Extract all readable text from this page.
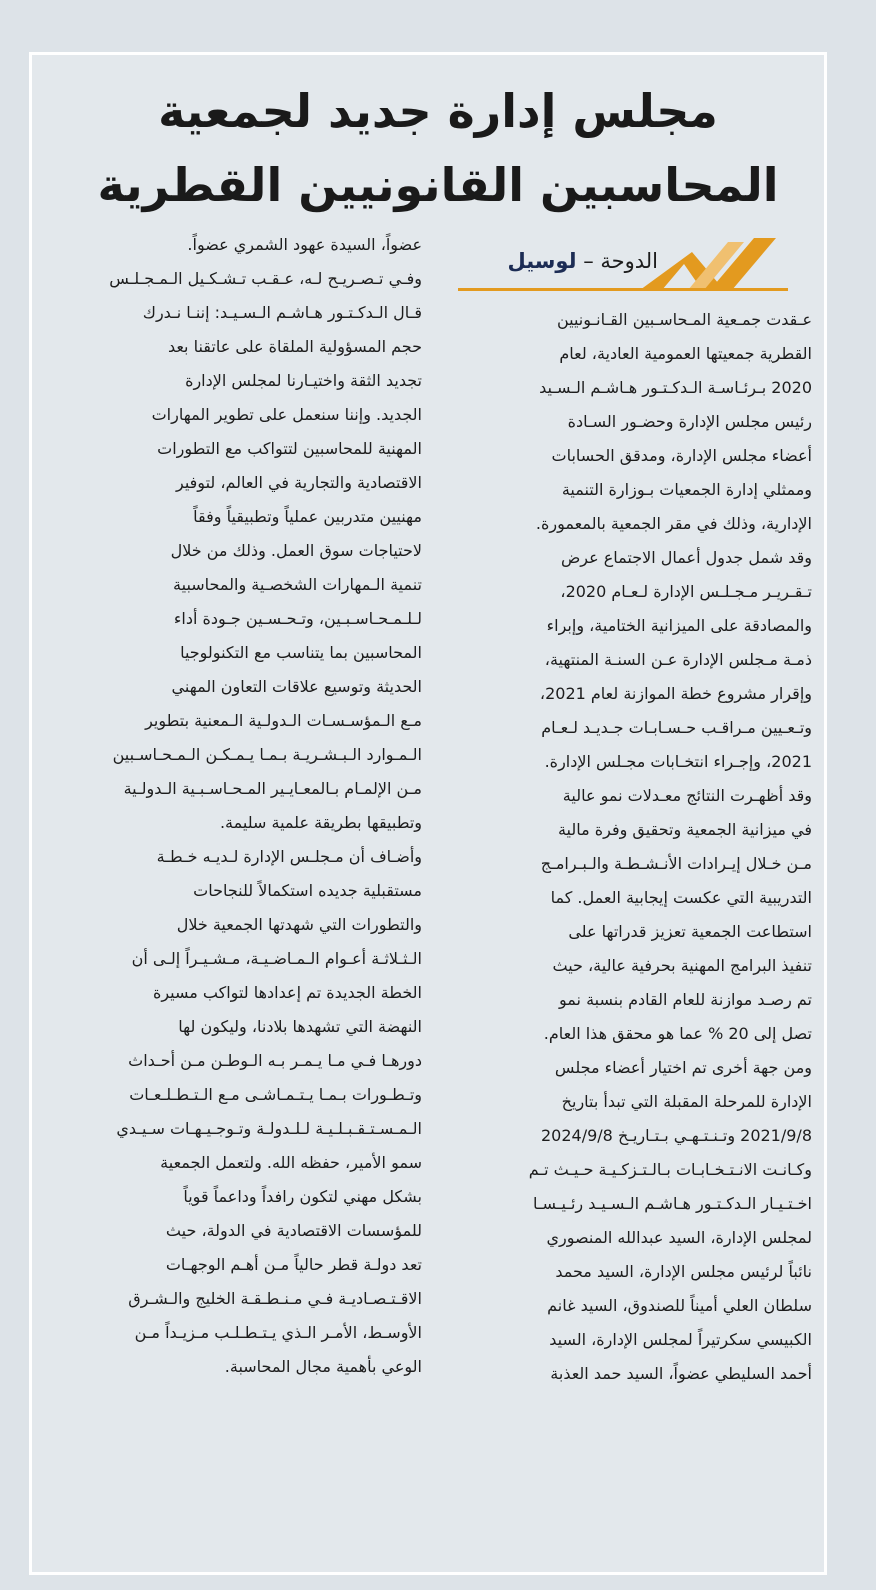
مجلس إدارة جديد لجمعية
المحاسبين القانونيين القطرية
الدوحة – لوسيل
عـقدت جمـعية المـحاسـبين القـانـونيين
القطرية جمعيتها العمومية العادية، لعام
2020 بـرئـاسـة الـدكـتـور هـاشـم الـسـيد
رئيس مجلس الإدارة وحضـور السـادة
أعضاء مجلس الإدارة، ومدقق الحسابات
وممثلي إدارة الجمعيات بـوزارة التنمية
الإدارية، وذلك في مقر الجمعية بالمعمورة.
وقد شمل جدول أعمال الاجتماع عرض
تـقـريـر مـجـلـس الإدارة لـعـام 2020،
والمصادقة على الميزانية الختامية، وإبراء
ذمـة مـجلس الإدارة عـن السنـة المنتهية،
وإقرار مشروع خطة الموازنة لعام 2021،
وتـعـيين مـراقـب حـسـابـات جـديـد لـعـام
2021، وإجـراء انتخـابات مجـلس الإدارة.
وقد أظهـرت النتائج معـدلات نمو عالية
في ميزانية الجمعية وتحقيق وفرة مالية
مـن خـلال إيـرادات الأنـشـطـة والـبـرامـج
التدريبية التي عكست إيجابية العمل. كما
استطاعت الجمعية تعزيز قدراتها على
تنفيذ البرامج المهنية بحرفية عالية، حيث
تم رصـد موازنة للعام القادم بنسبة نمو
تصل إلى 20 % عما هو محقق هذا العام.
ومن جهة أخرى تم اختيار أعضاء مجلس
الإدارة للمرحلة المقبلة التي تبدأ بتاريخ
2021/9/8 وتـنـتـهـي بـتـاريـخ 2024/9/8
وكـانـت الانـتـخـابـات بـالـتـزكـيـة حـيـث تـم
اخـتـيـار الـدكـتـور هـاشـم الـسـيـد رئـيـسـا
لمجلس الإدارة، السيد عبدالله المنصوري
نائباً لرئيس مجلس الإدارة، السيد محمد
سلطان العلي أميناً للصندوق، السيد غانم
الكبيسي سكرتيراً لمجلس الإدارة، السيد
أحمد السليطي عضواً، السيد حمد العذبة
عضواً، السيدة عهود الشمري عضواً.
وفـي تـصـريـح لـه، عـقـب تـشـكـيل الـمـجـلـس
قـال الـدكـتـور هـاشـم الـسـيـد: إننـا نـدرك
حجم المسؤولية الملقاة على عاتقنا بعد
تجديد الثقة واختيـارنا لمجلس الإدارة
الجديد. وإننا سنعمل على تطوير المهارات
المهنية للمحاسبين لتتواكب مع التطورات
الاقتصادية والتجارية في العالم، لتوفير
مهنيين متدربين عملياً وتطبيقياً وفقاً
لاحتياجات سوق العمل. وذلك من خلال
تنمية الـمهارات الشخصـية والمحاسبية
لـلـمـحـاسـبـين، وتـحـسـين جـودة أداء
المحاسبين بما يتناسب مع التكنولوجيا
الحديثة وتوسيع علاقات التعاون المهني
مـع الـمؤسـسـات الـدولـية الـمعنية بتطوير
الـمـوارد الـبـشـريـة بـمـا يـمـكـن الـمـحـاسـبين
مـن الإلمـام بـالمعـايـير المـحـاسـبـية الـدولـية
وتطبيقها بطريقة علمية سليمة.
وأضـاف أن مـجلـس الإدارة لـديـه خـطـة
مستقبلية جديده استكمالاً للنجاحات
والتطورات التي شهدتها الجمعية خلال
الـثـلاثـة أعـوام الـمـاضـيـة، مـشـيـراً إلـى أن
الخطة الجديدة تم إعدادها لتواكب مسيرة
النهضة التي تشهدها بلادنا، وليكون لها
دورهـا فـي مـا يـمـر بـه الـوطـن مـن أحـداث
وتـطـورات بـمـا يـتـمـاشـى مـع الـتـطـلـعـات
الـمـسـتـقـبـلـيـة لـلـدولـة وتـوجـيـهـات سـيـدي
سمو الأمير، حفظه الله. ولتعمل الجمعية
بشكل مهني لتكون رافداً وداعماً قوياً
للمؤسسات الاقتصادية في الدولة، حيث
تعد دولـة قطر حالياً مـن أهـم الوجهـات
الاقـتـصـاديـة فـي مـنـطـقـة الخليج والـشـرق
الأوسـط، الأمـر الـذي يـتـطـلـب مـزيـداً مـن
الوعي بأهمية مجال المحاسبة.
